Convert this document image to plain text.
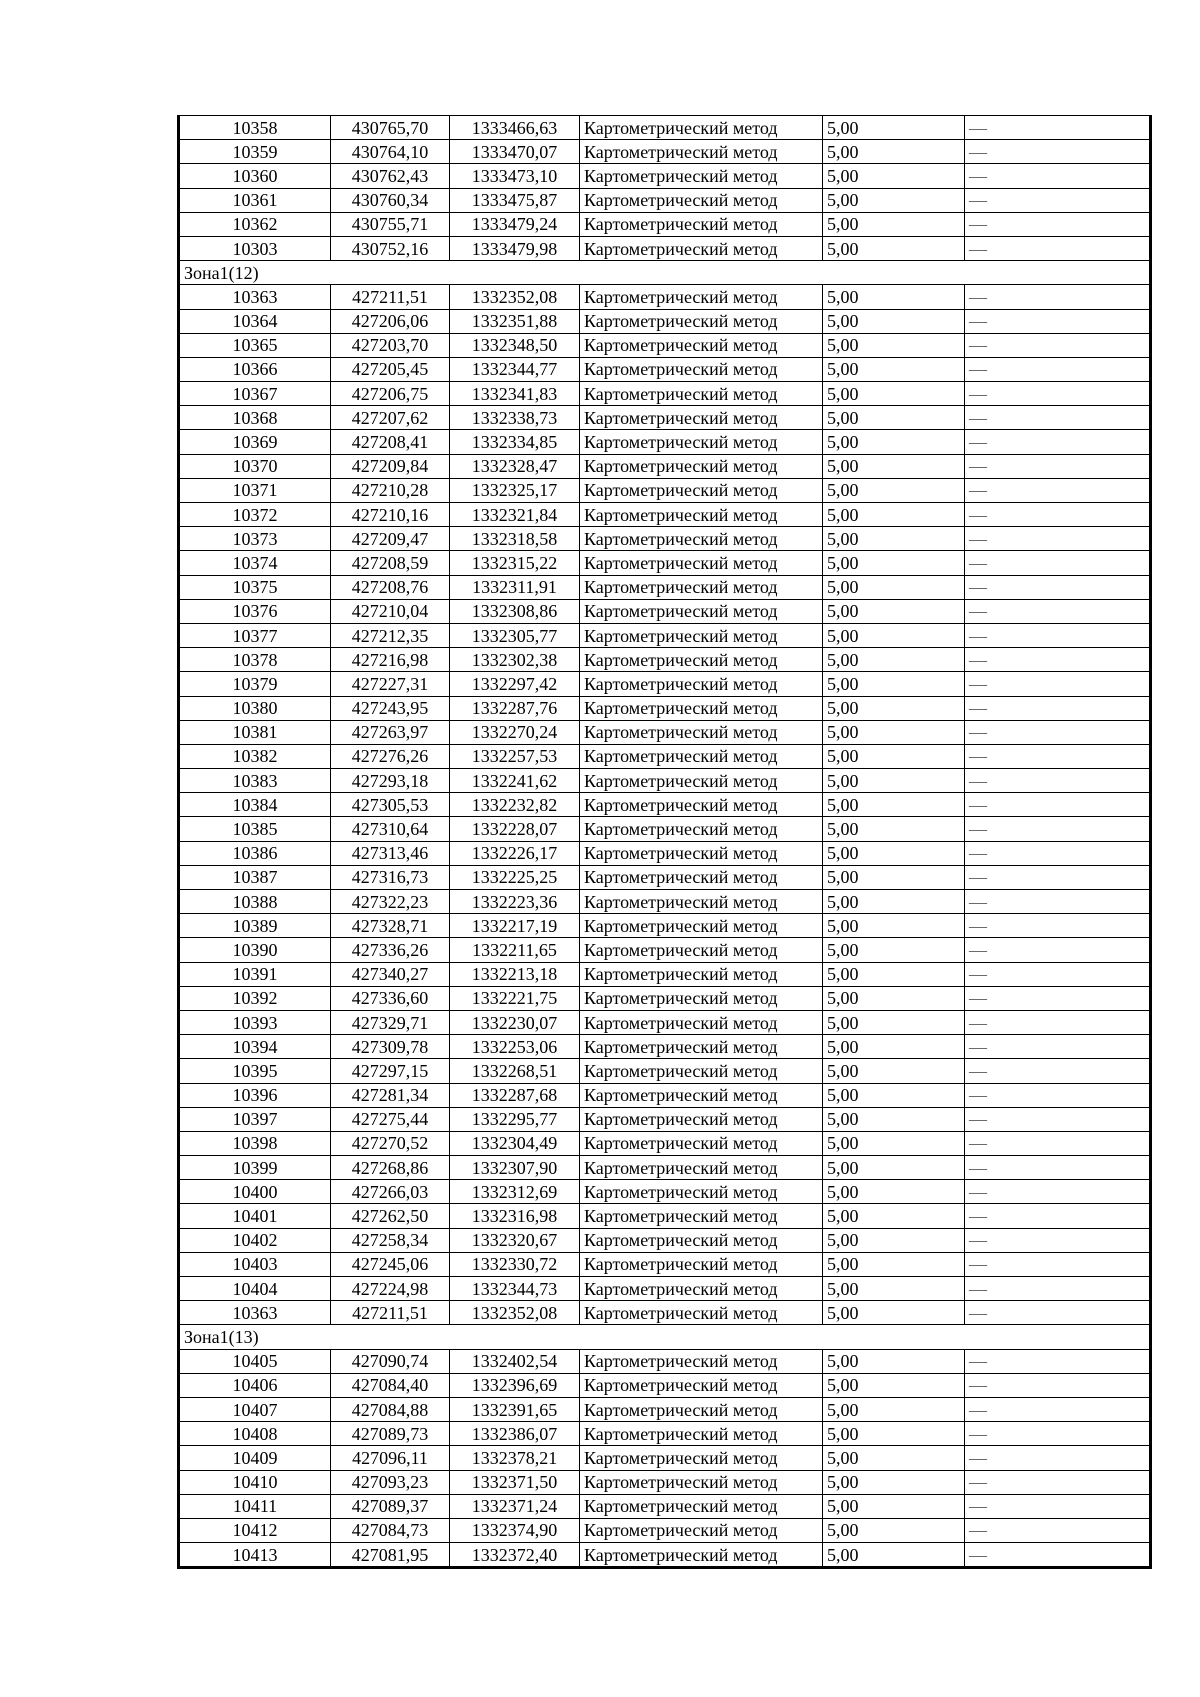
10358	430765,70	1333466,63	Картометрический метод	5,00	—
10359	430764,10	1333470,07	Картометрический метод	5,00	—
10360	430762,43	1333473,10	Картометрический метод	5,00	—
10361	430760,34	1333475,87	Картометрический метод	5,00	—
10362	430755,71	1333479,24	Картометрический метод	5,00	—
10303	430752,16	1333479,98	Картометрический метод	5,00	—
Зона1(12)					
10363	427211,51	1332352,08	Картометрический метод	5,00	—
10364	427206,06	1332351,88	Картометрический метод	5,00	—
10365	427203,70	1332348,50	Картометрический метод	5,00	—
10366	427205,45	1332344,77	Картометрический метод	5,00	—
10367	427206,75	1332341,83	Картометрический метод	5,00	—
10368	427207,62	1332338,73	Картометрический метод	5,00	—
10369	427208,41	1332334,85	Картометрический метод	5,00	—
10370	427209,84	1332328,47	Картометрический метод	5,00	—
10371	427210,28	1332325,17	Картометрический метод	5,00	—
10372	427210,16	1332321,84	Картометрический метод	5,00	—
10373	427209,47	1332318,58	Картометрический метод	5,00	—
10374	427208,59	1332315,22	Картометрический метод	5,00	—
10375	427208,76	1332311,91	Картометрический метод	5,00	—
10376	427210,04	1332308,86	Картометрический метод	5,00	—
10377	427212,35	1332305,77	Картометрический метод	5,00	—
10378	427216,98	1332302,38	Картометрический метод	5,00	—
10379	427227,31	1332297,42	Картометрический метод	5,00	—
10380	427243,95	1332287,76	Картометрический метод	5,00	—
10381	427263,97	1332270,24	Картометрический метод	5,00	—
10382	427276,26	1332257,53	Картометрический метод	5,00	—
10383	427293,18	1332241,62	Картометрический метод	5,00	—
10384	427305,53	1332232,82	Картометрический метод	5,00	—
10385	427310,64	1332228,07	Картометрический метод	5,00	—
10386	427313,46	1332226,17	Картометрический метод	5,00	—
10387	427316,73	1332225,25	Картометрический метод	5,00	—
10388	427322,23	1332223,36	Картометрический метод	5,00	—
10389	427328,71	1332217,19	Картометрический метод	5,00	—
10390	427336,26	1332211,65	Картометрический метод	5,00	—
10391	427340,27	1332213,18	Картометрический метод	5,00	—
10392	427336,60	1332221,75	Картометрический метод	5,00	—
10393	427329,71	1332230,07	Картометрический метод	5,00	—
10394	427309,78	1332253,06	Картометрический метод	5,00	—
10395	427297,15	1332268,51	Картометрический метод	5,00	—
10396	427281,34	1332287,68	Картометрический метод	5,00	—
10397	427275,44	1332295,77	Картометрический метод	5,00	—
10398	427270,52	1332304,49	Картометрический метод	5,00	—
10399	427268,86	1332307,90	Картометрический метод	5,00	—
10400	427266,03	1332312,69	Картометрический метод	5,00	—
10401	427262,50	1332316,98	Картометрический метод	5,00	—
10402	427258,34	1332320,67	Картометрический метод	5,00	—
10403	427245,06	1332330,72	Картометрический метод	5,00	—
10404	427224,98	1332344,73	Картометрический метод	5,00	—
10363	427211,51	1332352,08	Картометрический метод	5,00	—
Зона1(13)					
10405	427090,74	1332402,54	Картометрический метод	5,00	—
10406	427084,40	1332396,69	Картометрический метод	5,00	—
10407	427084,88	1332391,65	Картометрический метод	5,00	—
10408	427089,73	1332386,07	Картометрический метод	5,00	—
10409	427096,11	1332378,21	Картометрический метод	5,00	—
10410	427093,23	1332371,50	Картометрический метод	5,00	—
10411	427089,37	1332371,24	Картометрический метод	5,00	—
10412	427084,73	1332374,90	Картометрический метод	5,00	—
10413	427081,95	1332372,40	Картометрический метод	5,00	—
